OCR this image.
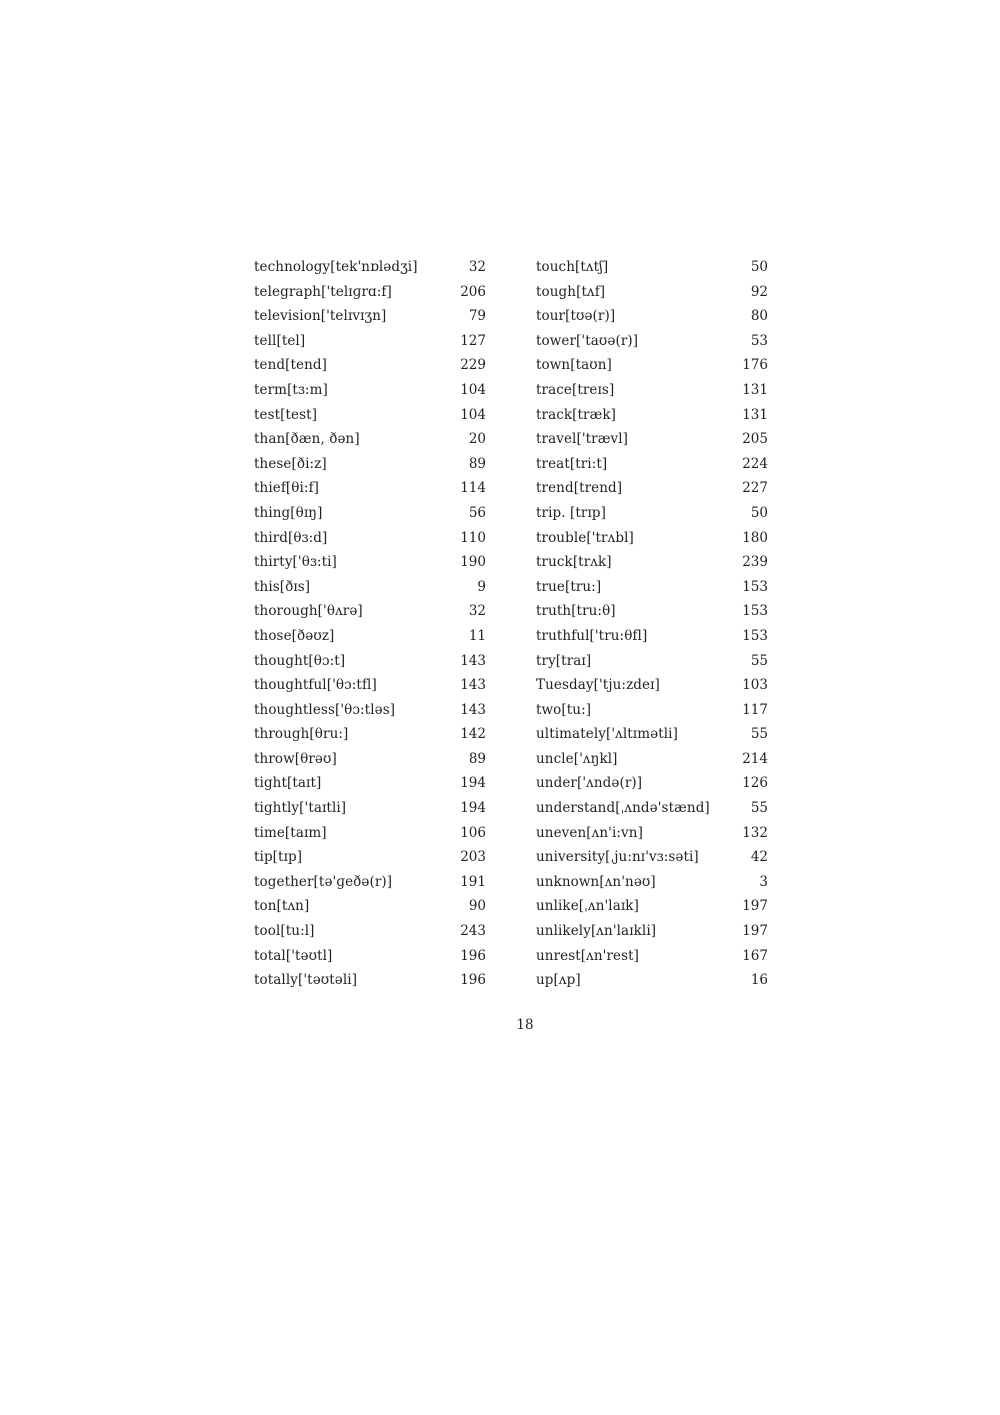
technology[tek'nɒlədʒi]	32
telegraph['telɪɡrɑ:f]	206
television['telɪvɪʒn]	79
tell[tel]	127
tend[tend]	229
term[tɜ:m]	104
test[test]	104
than[ðæn, ðən]	20
these[ði:z]	89
thief[θi:f]	114
thing[θɪŋ]	56
third[θɜ:d]	110
thirty['θɜ:ti]	190
this[ðɪs]	9
thorough['θʌrə]	32
those[ðəʊz]	11
thought[θɔ:t]	143
thoughtful['θɔ:tfl]	143
thoughtless['θɔ:tləs]	143
through[θru:]	142
throw[θrəʊ]	89
tight[taɪt]	194
tightly['taɪtli]	194
time[taɪm]	106
tip[tɪp]	203
together[tə'ɡeðə(r)]	191
ton[tʌn]	90
tool[tu:l]	243
total['təʊtl]	196
totally['təʊtəli]	196
touch[tʌtʃ]	50
tough[tʌf]	92
tour[tʊə(r)]	80
tower['taʊə(r)]	53
town[taʊn]	176
trace[treɪs]	131
track[træk]	131
travel['trævl]	205
treat[tri:t]	224
trend[trend]	227
trip. [trɪp]	50
trouble['trʌbl]	180
truck[trʌk]	239
true[tru:]	153
truth[tru:θ]	153
truthful['tru:θfl]	153
try[traɪ]	55
Tuesday['tju:zdeɪ]	103
two[tu:]	117
ultimately['ʌltɪmətli]	55
uncle['ʌŋkl]	214
under['ʌndə(r)]	126
understand[ˌʌndə'stænd]	55
uneven[ʌn'i:vn]	132
university[ˌju:nɪ'vɜ:səti]	42
unknown[ʌn'nəʊ]	3
unlike[ˌʌn'laɪk]	197
unlikely[ʌn'laɪkli]	197
unrest[ʌn'rest]	167
up[ʌp]	16
18
